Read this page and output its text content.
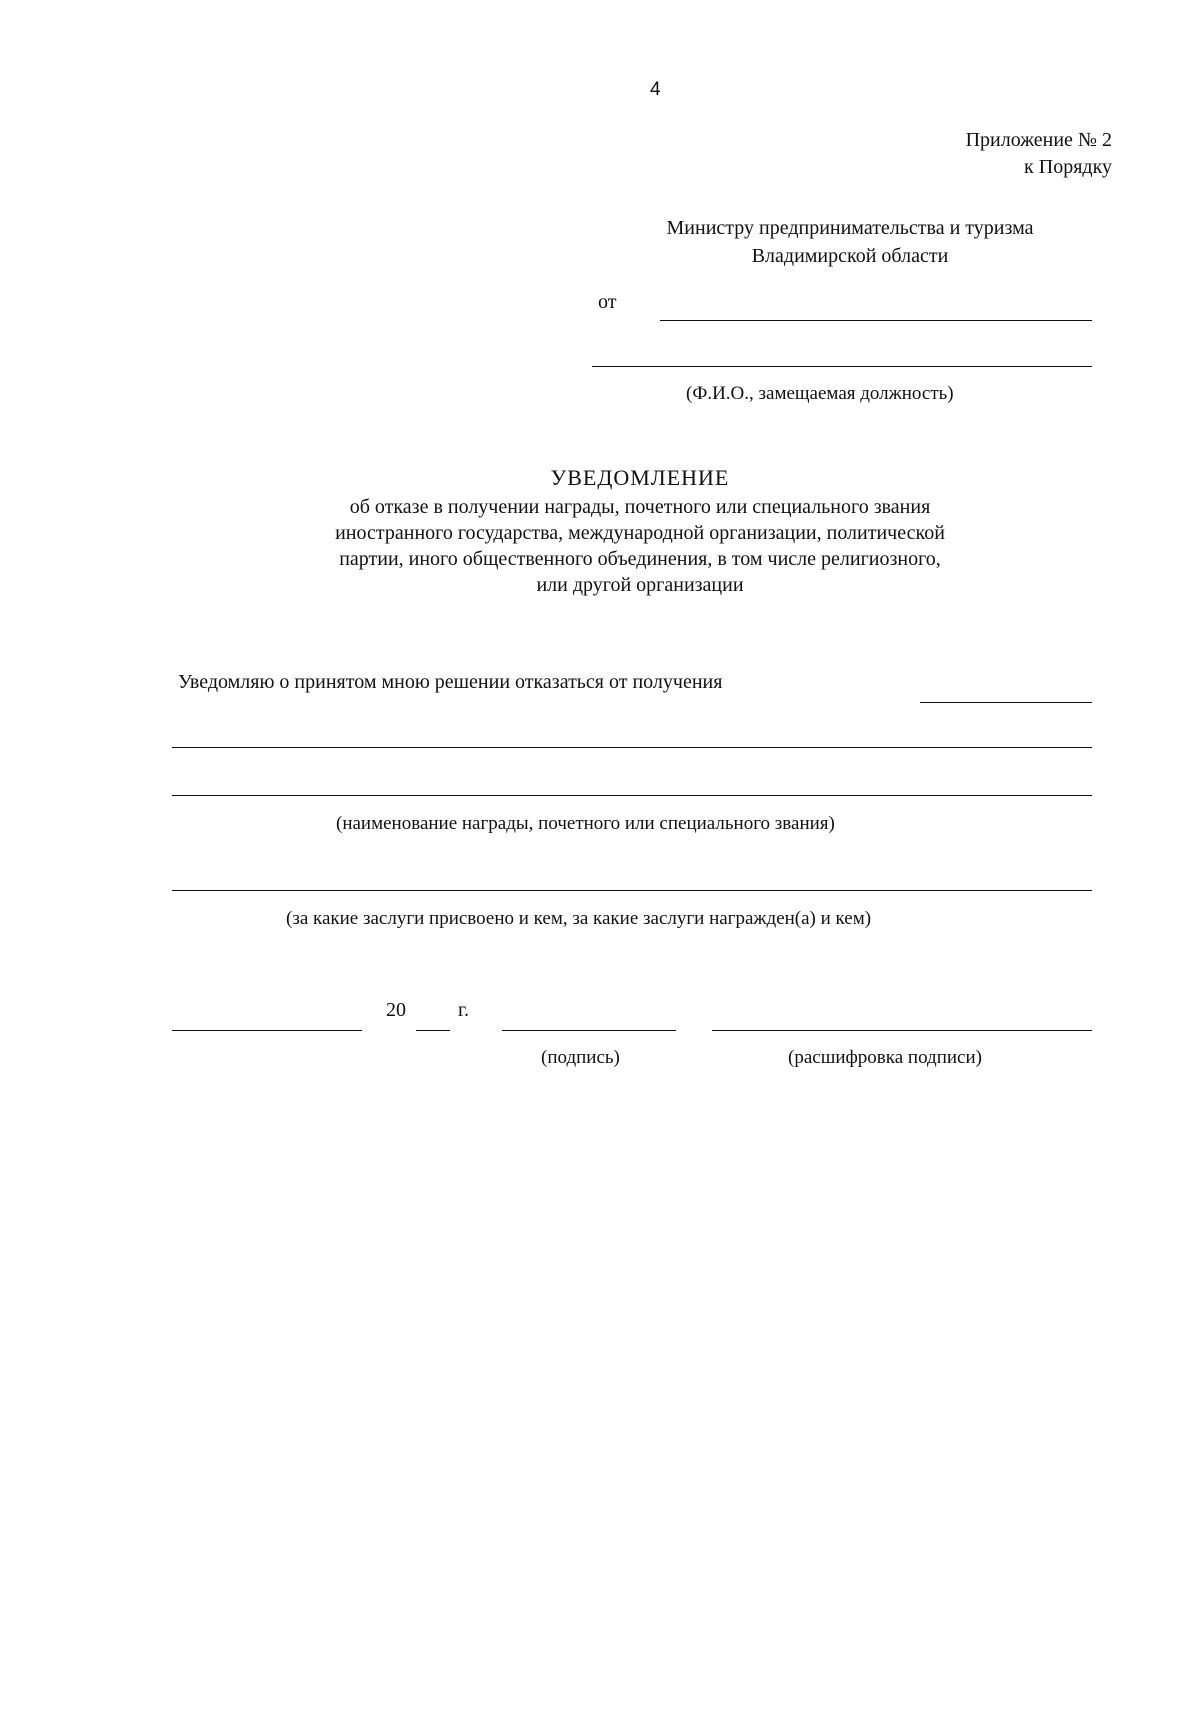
4
Приложение № 2
к Порядку
Министру предпринимательства и туризма
Владимирской области
от
(Ф.И.О., замещаемая должность)
УВЕДОМЛЕНИЕ
об отказе в получении награды, почетного или специального звания
иностранного государства, международной организации, политической
партии, иного общественного объединения, в том числе религиозного,
или другой организации
Уведомляю о принятом мною решении отказаться от получения
(наименование награды, почетного или специального звания)
(за какие заслуги присвоено и кем, за какие заслуги награжден(а) и кем)
20	г.
(подпись)	(расшифровка подписи)
